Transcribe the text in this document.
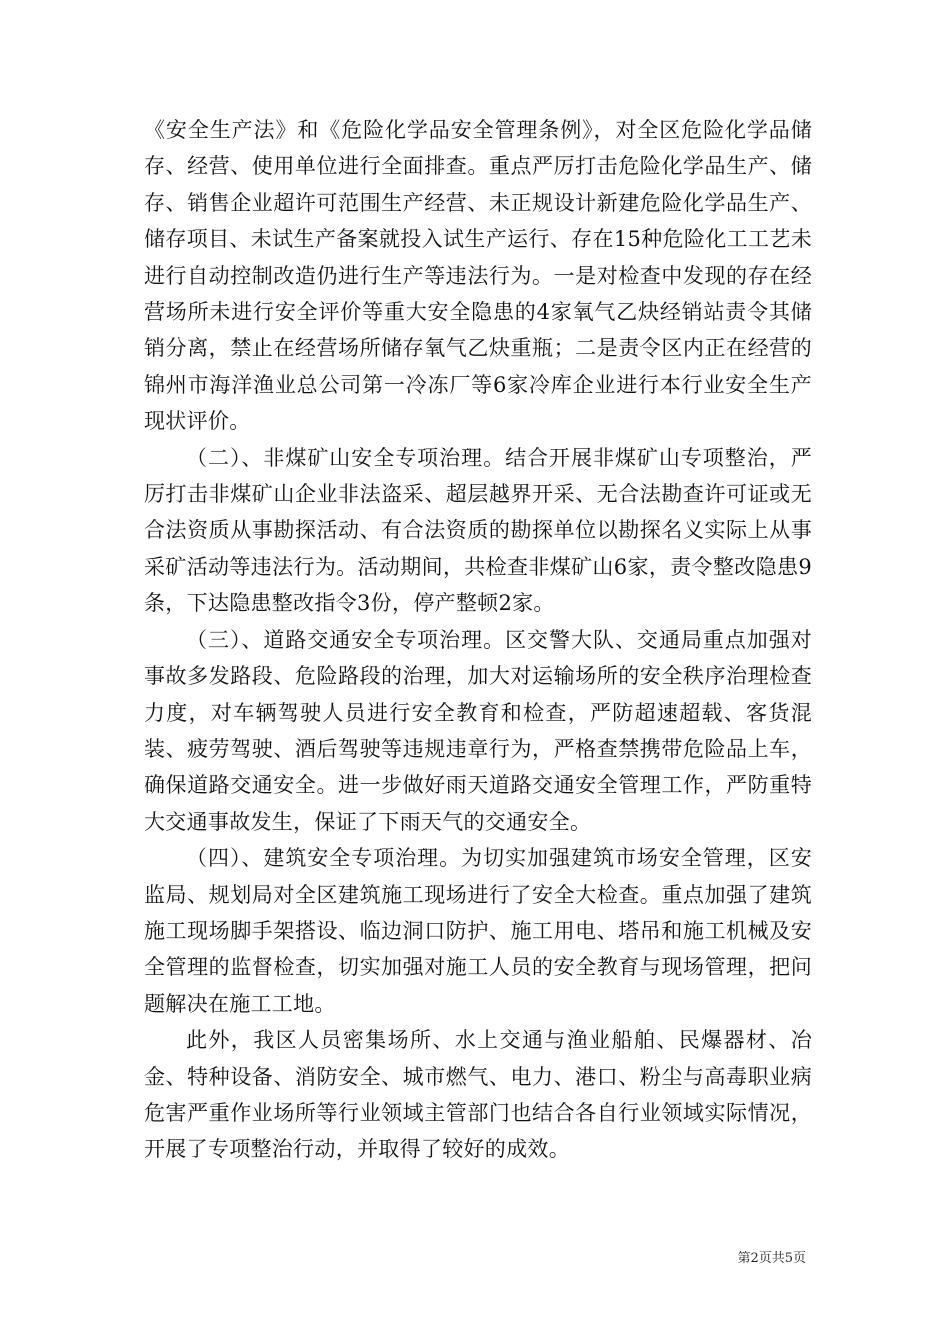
《安全生产法》和《危险化学品安全管理条例》，对全区危险化学品储存、经营、使用单位进行全面排查。重点严厉打击危险化学品生产、储存、销售企业超许可范围生产经营、未正规设计新建危险化学品生产、储存项目、未试生产备案就投入试生产运行、存在15种危险化工工艺未进行自动控制改造仍进行生产等违法行为。一是对检查中发现的存在经营场所未进行安全评价等重大安全隐患的4家氧气乙炔经销站责令其储销分离，禁止在经营场所储存氧气乙炔重瓶；二是责令区内正在经营的锦州市海洋渔业总公司第一冷冻厂等6家冷库企业进行本行业安全生产现状评价。

（二）、非煤矿山安全专项治理。结合开展非煤矿山专项整治，严厉打击非煤矿山企业非法盗采、超层越界开采、无合法勘查许可证或无合法资质从事勘探活动、有合法资质的勘探单位以勘探名义实际上从事采矿活动等违法行为。活动期间，共检查非煤矿山6家，责令整改隐患9条，下达隐患整改指令3份，停产整顿2家。

（三）、道路交通安全专项治理。区交警大队、交通局重点加强对事故多发路段、危险路段的治理，加大对运输场所的安全秩序治理检查力度，对车辆驾驶人员进行安全教育和检查，严防超速超载、客货混装、疲劳驾驶、酒后驾驶等违规违章行为，严格查禁携带危险品上车，确保道路交通安全。进一步做好雨天道路交通安全管理工作，严防重特大交通事故发生，保证了下雨天气的交通安全。

（四）、建筑安全专项治理。为切实加强建筑市场安全管理，区安监局、规划局对全区建筑施工现场进行了安全大检查。重点加强了建筑施工现场脚手架搭设、临边洞口防护、施工用电、塔吊和施工机械及安全管理的监督检查，切实加强对施工人员的安全教育与现场管理，把问题解决在施工工地。

此外，我区人员密集场所、水上交通与渔业船舶、民爆器材、冶金、特种设备、消防安全、城市燃气、电力、港口、粉尘与高毒职业病危害严重作业场所等行业领域主管部门也结合各自行业领域实际情况，开展了专项整治行动，并取得了较好的成效。

第2页共5页
